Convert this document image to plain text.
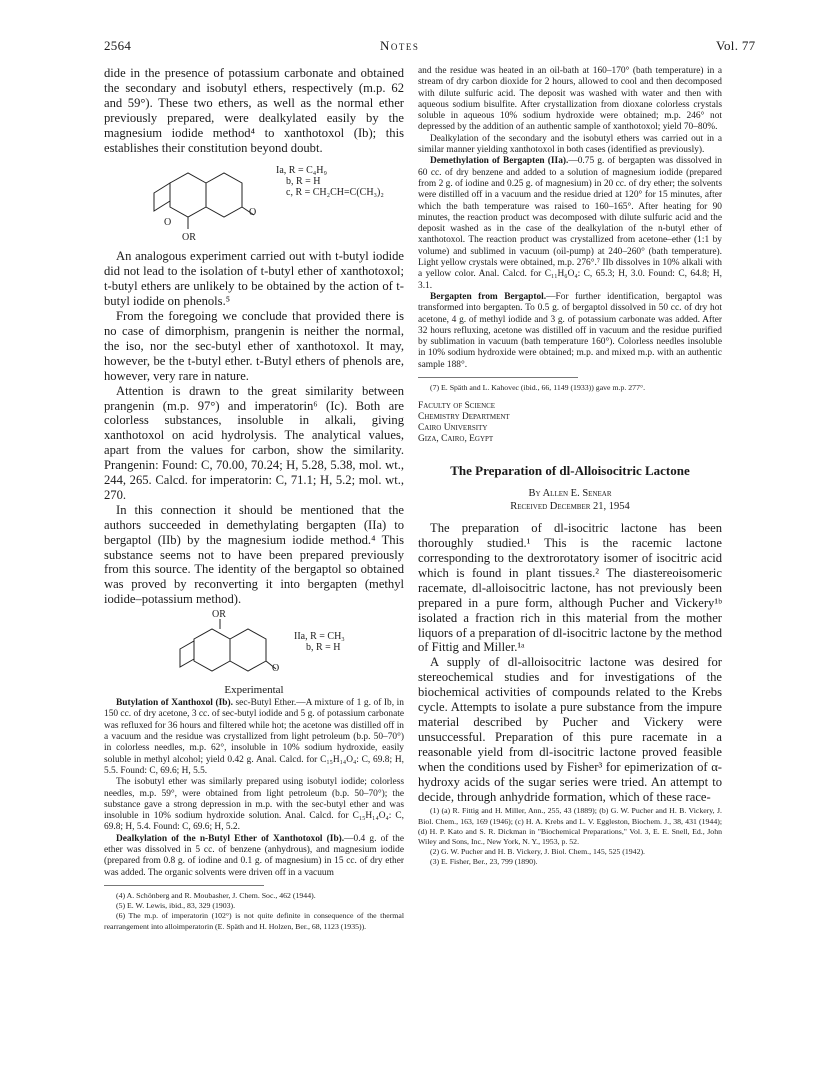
2564	Notes	Vol. 77

dide in the presence of potassium carbonate and obtained the secondary and isobutyl ethers, respectively (m.p. 62 and 59°). These two ethers, as well as the normal ether previously prepared, were dealkylated easily by the magnesium iodide method⁴ to xanthotoxol (Ib); this establishes their constitution beyond doubt.

O
O
OR
Ia, R = C₄H₉
b, R = H
c, R = CH₂CH=C(CH₃)₂

An analogous experiment carried out with t-butyl iodide did not lead to the isolation of t-butyl ether of xanthotoxol; t-butyl ethers are unlikely to be obtained by the action of t-butyl iodide on phenols.⁵

From the foregoing we conclude that provided there is no case of dimorphism, prangenin is neither the normal, the iso, nor the sec-butyl ether of xanthotoxol. It may, however, be the t-butyl ether. t-Butyl ethers of phenols are, however, very rare in nature.

Attention is drawn to the great similarity between prangenin (m.p. 97°) and imperatorin⁶ (Ic). Both are colorless substances, insoluble in alkali, giving xanthotoxol on acid hydrolysis. The analytical values, apart from the values for carbon, show the similarity. Prangenin: Found: C, 70.00, 70.24; H, 5.28, 5.38, mol. wt., 244, 265. Calcd. for imperatorin: C, 71.1; H, 5.2; mol. wt., 270.

In this connection it should be mentioned that the authors succeeded in demethylating bergapten (IIa) to bergaptol (IIb) by the magnesium iodide method.⁴ This substance seems not to have been prepared previously from this source. The identity of the bergaptol so obtained was proved by reconverting it into bergapten (methyl iodide–potassium method).

OR
O
IIa, R = CH₃
b, R = H
Experimental

Butylation of Xanthoxol (Ib). sec-Butyl Ether.—A mixture of 1 g. of Ib, in 150 cc. of dry acetone, 3 cc. of sec-butyl iodide and 5 g. of potassium carbonate was refluxed for 36 hours and filtered while hot; the acetone was distilled off in a vacuum and the residue was crystallized from light petroleum (b.p. 50–70°) in colorless needles, m.p. 62°, insoluble in 10% sodium hydroxide, easily soluble in methyl alcohol; yield 0.42 g. Anal. Calcd. for C₁₅H₁₄O₄: C, 69.8; H, 5.5. Found: C, 69.6; H, 5.5.

The isobutyl ether was similarly prepared using isobutyl iodide; colorless needles, m.p. 59°, were obtained from light petroleum (b.p. 50–70°); the substance gave a strong depression in m.p. with the sec-butyl ether and was insoluble in 10% sodium hydroxide solution. Anal. Calcd. for C₁₅H₁₄O₄: C, 69.8; H, 5.4. Found: C, 69.6; H, 5.2.

Dealkylation of the n-Butyl Ether of Xanthotoxol (Ib).—0.4 g. of the ether was dissolved in 5 cc. of benzene (anhydrous), and magnesium iodide (prepared from 0.8 g. of iodine and 0.1 g. of magnesium) in 15 cc. of dry ether was added. The organic solvents were driven off in a vacuum

(4) A. Schönberg and R. Moubasher, J. Chem. Soc., 462 (1944).

(5) E. W. Lewis, ibid., 83, 329 (1903).

(6) The m.p. of imperatorin (102°) is not quite definite in consequence of the thermal rearrangement into alloimperatorin (E. Späth and H. Holzen, Ber., 68, 1123 (1935)).

and the residue was heated in an oil-bath at 160–170° (bath temperature) in a stream of dry carbon dioxide for 2 hours, allowed to cool and then decomposed with dilute sulfuric acid. The deposit was washed with water and then with aqueous sodium bisulfite. After crystallization from dioxane colorless crystals soluble in aqueous 10% sodium hydroxide were obtained; m.p. 246° not depressed by the addition of an authentic sample of xanthotoxol; yield 70–80%.

Dealkylation of the secondary and the isobutyl ethers was carried out in a similar manner yielding xanthotoxol in both cases (identified as previously).

Demethylation of Bergapten (IIa).—0.75 g. of bergapten was dissolved in 60 cc. of dry benzene and added to a solution of magnesium iodide (prepared from 2 g. of iodine and 0.25 g. of magnesium) in 20 cc. of dry ether; the solvents were distilled off in a vacuum and the residue dried at 120° for 15 minutes, after which the bath temperature was raised to 160–165°. After heating for 90 minutes, the reaction product was decomposed with dilute sulfuric acid and the deposit washed as in the case of the dealkylation of the n-butyl ether of xanthotoxol. The reaction product was crystallized from acetone–ether (1:1 by volume) and sublimed in vacuum (oil-pump) at 240–260° (bath temperature). Light yellow crystals were obtained, m.p. 276°.⁷ IIb dissolves in 10% alkali with a yellow color. Anal. Calcd. for C₁₁H₆O₄: C, 65.3; H, 3.0. Found: C, 64.8; H, 3.1.

Bergapten from Bergaptol.—For further identification, bergaptol was transformed into bergapten. To 0.5 g. of bergaptol dissolved in 50 cc. of dry hot acetone, 4 g. of methyl iodide and 3 g. of potassium carbonate was added. After 32 hours refluxing, acetone was distilled off in vacuum and the residue purified by sublimation in vacuum (bath temperature 160°). Colorless needles insoluble in 10% sodium hydroxide were obtained; m.p. and mixed m.p. with an authentic sample 188°.

(7) E. Späth and L. Kahovec (ibid., 66, 1149 (1933)) gave m.p. 277°.

Faculty of Science
Chemistry Department
Cairo University
Giza, Cairo, Egypt
The Preparation of dl-Alloisocitric Lactone
By Allen E. Senear
Received December 21, 1954

The preparation of dl-isocitric lactone has been thoroughly studied.¹ This is the racemic lactone corresponding to the dextrorotatory isomer of isocitric acid which is found in plant tissues.² The diastereoisomeric racemate, dl-alloisocitric lactone, has not previously been prepared in a pure form, although Pucher and Vickery¹ᵇ isolated a fraction rich in this material from the mother liquors of a preparation of dl-isocitric lactone by the method of Fittig and Miller.¹ᵃ

A supply of dl-alloisocitric lactone was desired for stereochemical studies and for investigations of the biochemical activities of compounds related to the Krebs cycle. Attempts to isolate a pure substance from the impure material described by Pucher and Vickery were unsuccessful. Preparation of this pure racemate in a reasonable yield from dl-isocitric lactone proved feasible when the conditions used by Fisher³ for epimerization of α-hydroxy acids of the sugar series were tried. An attempt to decide, through anhydride formation, which of these race-

(1) (a) R. Fittig and H. Miller, Ann., 255, 43 (1889); (b) G. W. Pucher and H. B. Vickery, J. Biol. Chem., 163, 169 (1946); (c) H. A. Krebs and L. V. Eggleston, Biochem. J., 38, 431 (1944); (d) H. P. Kato and S. R. Dickman in "Biochemical Preparations," Vol. 3, E. E. Snell, Ed., John Wiley and Sons, Inc., New York, N. Y., 1953, p. 52.

(2) G. W. Pucher and H. B. Vickery, J. Biol. Chem., 145, 525 (1942).

(3) E. Fisher, Ber., 23, 799 (1890).
